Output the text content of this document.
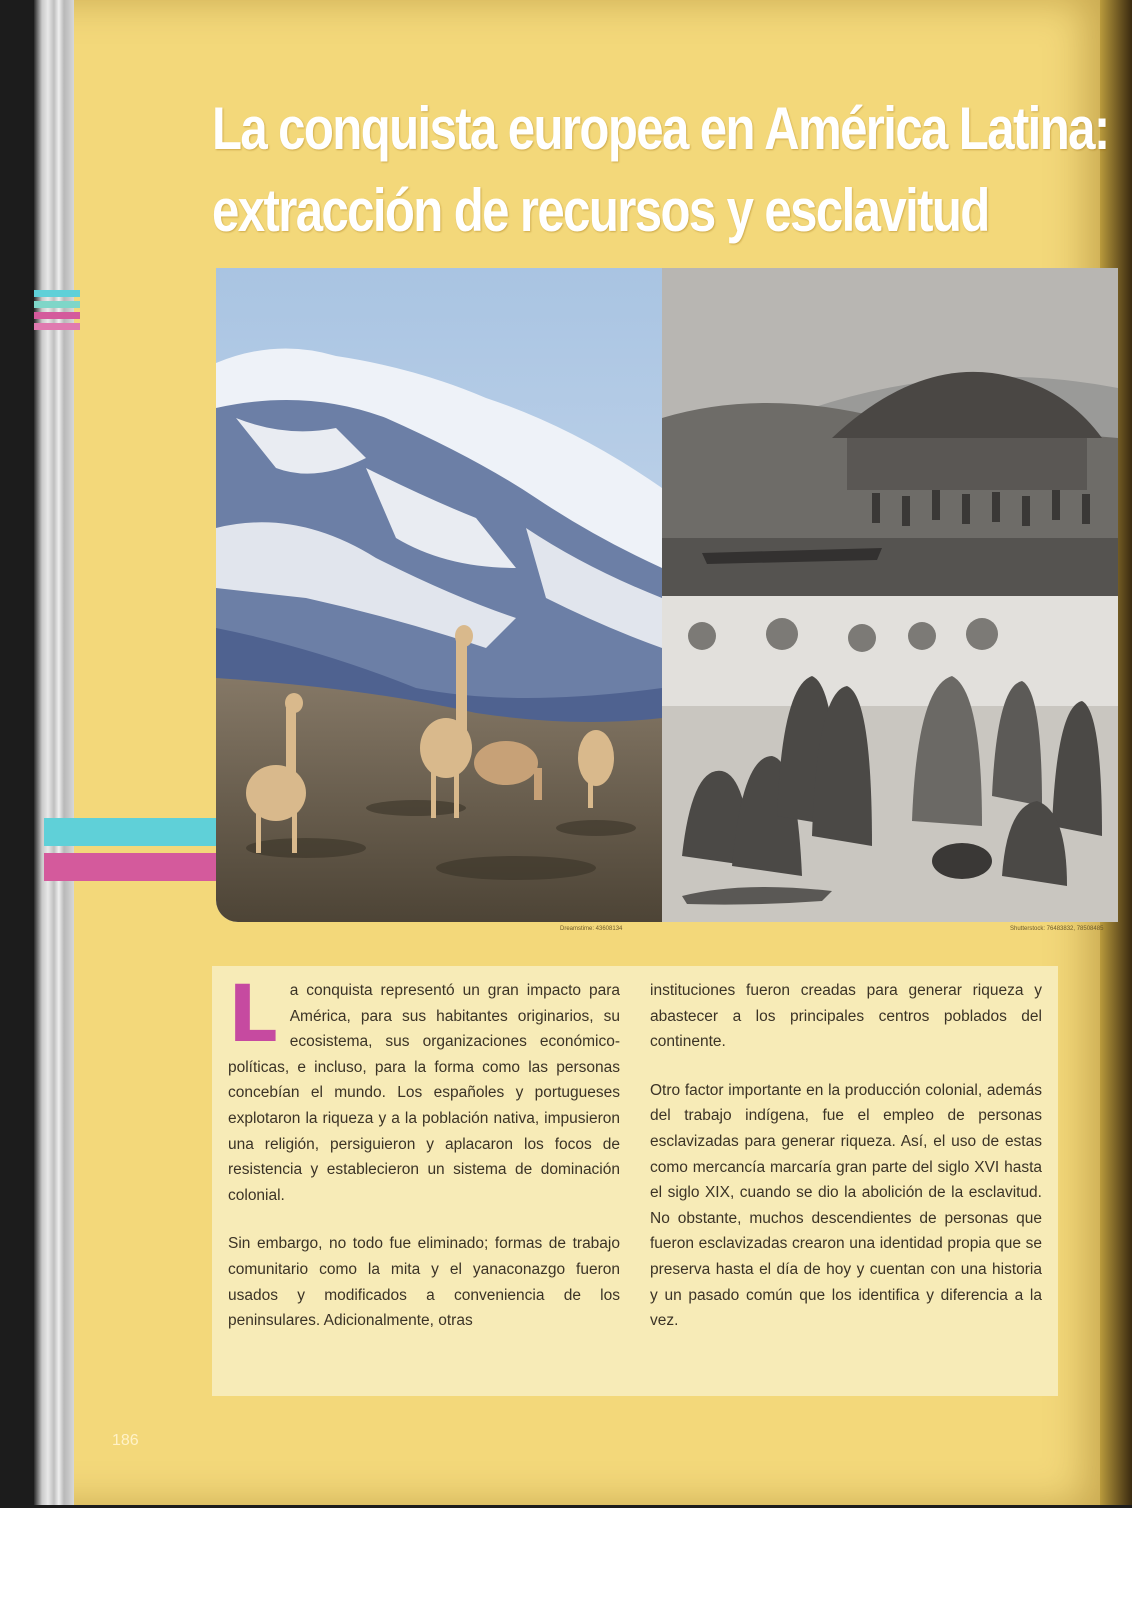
La conquista europea en América Latina:
extracción de recursos y esclavitud
Dreamstime: 43608134	Shutterstock: 76483832, 78508485

La conquista representó un gran impacto para América, para sus habitantes originarios, su ecosistema, sus organizaciones económico-políticas, e incluso, para la forma como las personas concebían el mundo. Los españoles y portugueses explotaron la riqueza y a la población nativa, impusieron una religión, persiguieron y aplacaron los focos de resistencia y establecieron un sistema de dominación colonial.

Sin embargo, no todo fue eliminado; formas de trabajo comunitario como la mita y el yanaconazgo fueron usados y modificados a conveniencia de los peninsulares. Adicionalmente, otras

instituciones fueron creadas para generar riqueza y abastecer a los principales centros poblados del continente.

Otro factor importante en la producción colonial, además del trabajo indígena, fue el empleo de personas esclavizadas para generar riqueza. Así, el uso de estas como mercancía marcaría gran parte del siglo XVI hasta el siglo XIX, cuando se dio la abolición de la esclavitud. No obstante, muchos descendientes de personas que fueron esclavizadas crearon una identidad propia que se preserva hasta el día de hoy y cuentan con una historia y un pasado común que los identifica y diferencia a la vez.

186
